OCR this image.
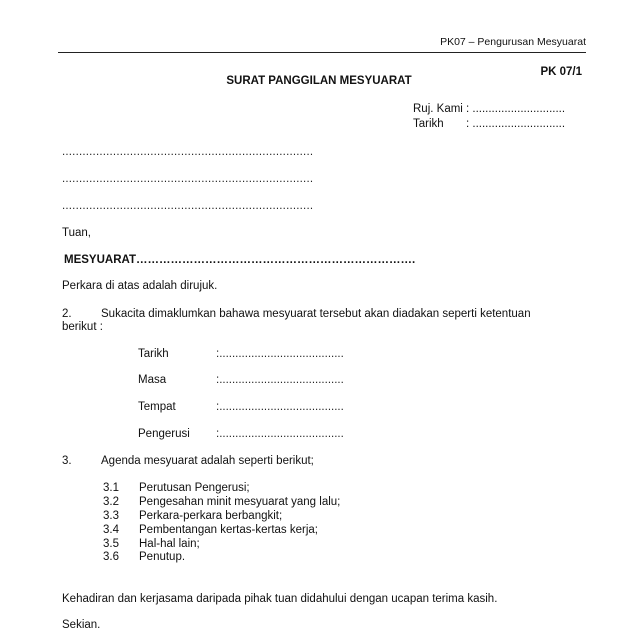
PK07 – Pengurusan Mesyuarat
PK 07/1
SURAT PANGGILAN MESYUARAT
Ruj. Kami : .............................
Tarikh : .............................
..........................................................................
..........................................................................
..........................................................................
Tuan,
MESYUARAT……………………………………………………………….
Perkara di atas adalah dirujuk.
2.	Sukacita dimaklumkan bahawa mesyuarat tersebut akan diadakan seperti ketentuan
berikut :
Tarikh	:.......................................
Masa	:.......................................
Tempat	:.......................................
Pengerusi :.......................................
3.	Agenda mesyuarat adalah seperti berikut;
3.1 Perutusan Pengerusi;
3.2 Pengesahan minit mesyuarat yang lalu;
3.3 Perkara-perkara berbangkit;
3.4 Pembentangan kertas-kertas kerja;
3.5 Hal-hal lain;
3.6 Penutup.
Kehadiran dan kerjasama daripada pihak tuan didahului dengan ucapan terima kasih.
Sekian.
